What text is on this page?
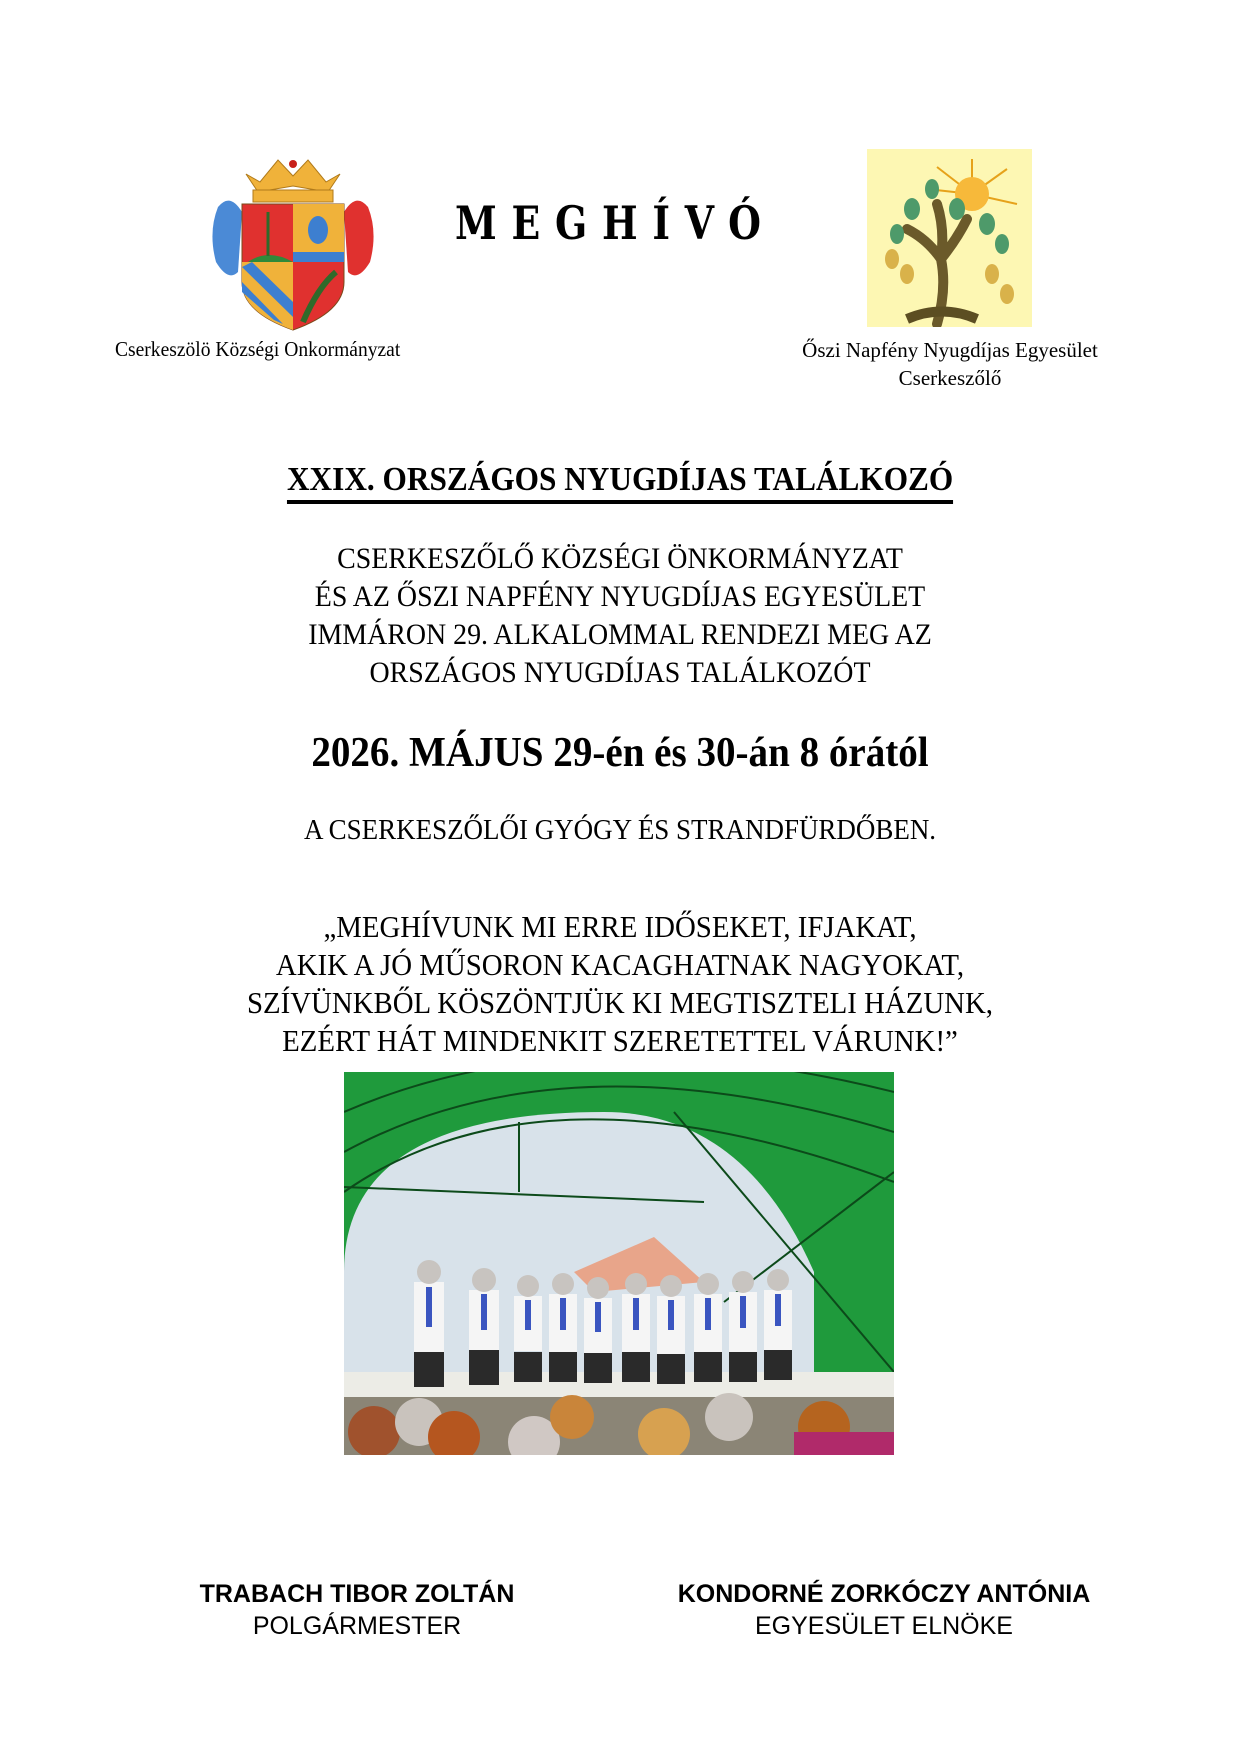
MEGHÍVÓ
Cserkeszölö Községi Onkormányzat	Őszi Napfény Nyugdíjas Egyesület
Cserkeszőlő
XXIX. ORSZÁGOS NYUGDÍJAS TALÁLKOZÓ
CSERKESZŐLŐ KÖZSÉGI ÖNKORMÁNYZAT
ÉS AZ ŐSZI NAPFÉNY NYUGDÍJAS EGYESÜLET
IMMÁRON 29. ALKALOMMAL RENDEZI MEG AZ
ORSZÁGOS NYUGDÍJAS TALÁLKOZÓT
2026. MÁJUS 29-én és 30-án 8 órától
A CSERKESZŐLŐI GYÓGY ÉS STRANDFÜRDŐBEN.
„MEGHÍVUNK MI ERRE IDŐSEKET, IFJAKAT,
AKIK A JÓ MŰSORON KACAGHATNAK NAGYOKAT,
SZÍVÜNKBŐL KÖSZÖNTJÜK KI MEGTISZTELI HÁZUNK,
EZÉRT HÁT MINDENKIT SZERETETTEL VÁRUNK!”
TRABACH TIBOR ZOLTÁN
POLGÁRMESTER
KONDORNÉ ZORKÓCZY ANTÓNIA
EGYESÜLET ELNÖKE
